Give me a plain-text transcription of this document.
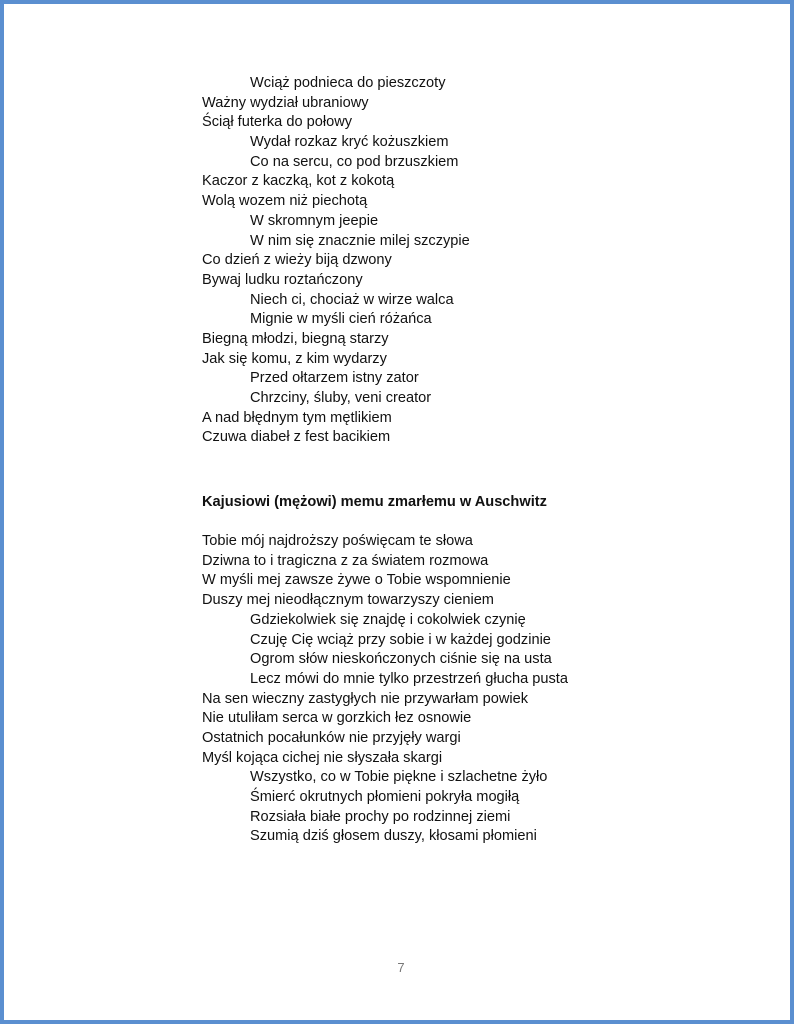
Wciąż podnieca do pieszczoty
Ważny wydział ubraniowy
Ściął futerka do połowy
Wydał rozkaz kryć kożuszkiem
Co na sercu, co pod brzuszkiem
Kaczor z kaczką, kot z kokotą
Wolą wozem niż piechotą
W skromnym jeepie
W nim się znacznie milej szczypie
Co dzień z wieży biją dzwony
Bywaj ludku roztańczony
Niech ci, chociaż w wirze walca
Mignie w myśli cień różańca
Biegną młodzi, biegną starzy
Jak się komu, z kim wydarzy
Przed ołtarzem istny zator
Chrzciny, śluby, veni creator
A nad błędnym tym mętlikiem
Czuwa diabeł z fest bacikiem
Kajusiowi (mężowi) memu zmarłemu w Auschwitz
Tobie mój najdroższy poświęcam te słowa
Dziwna to i tragiczna z za światem rozmowa
W myśli mej zawsze żywe o Tobie wspomnienie
Duszy mej nieodłącznym towarzyszy cieniem
Gdziekolwiek się znajdę i cokolwiek czynię
Czuję Cię wciąż przy sobie i w każdej godzinie
Ogrom słów nieskończonych ciśnie się na usta
Lecz mówi do mnie tylko przestrzeń głucha pusta
Na sen wieczny zastygłych nie przywarłam powiek
Nie utuliłam serca w gorzkich łez osnowie
Ostatnich pocałunków nie przyjęły wargi
Myśl kojąca cichej nie słyszała skargi
Wszystko, co w Tobie piękne i szlachetne żyło
Śmierć okrutnych płomieni pokryła mogiłą
Rozsiała białe prochy po rodzinnej ziemi
Szumią dziś głosem duszy, kłosami płomieni
7
